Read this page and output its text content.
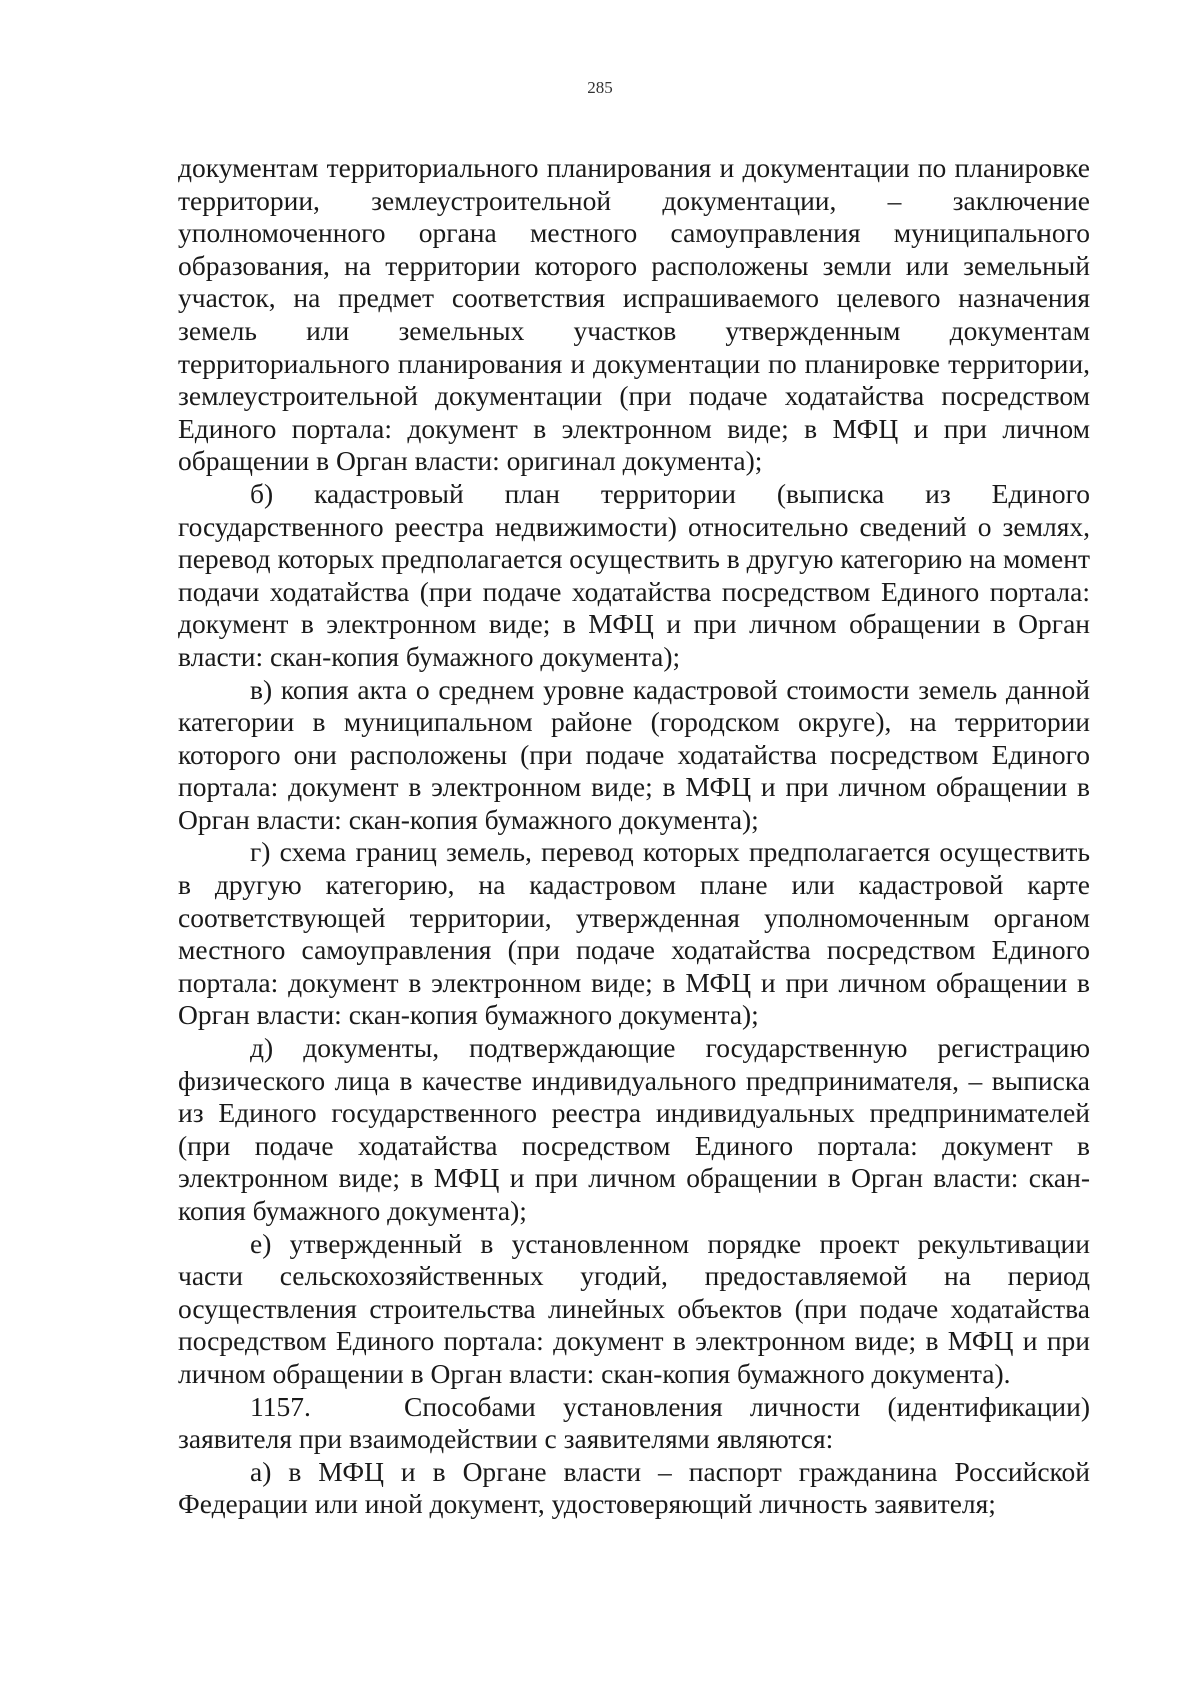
285

документам территориального планирования и документации по планировке территории, землеустроительной документации, – заключение уполномоченного органа местного самоуправления муниципального образования, на территории которого расположены земли или земельный участок, на предмет соответствия испрашиваемого целевого назначения земель или земельных участков утвержденным документам территориального планирования и документации по планировке территории, землеустроительной документации (при подаче ходатайства посредством Единого портала: документ в электронном виде; в МФЦ и при личном обращении в Орган власти: оригинал документа);

б) кадастровый план территории (выписка из Единого государственного реестра недвижимости) относительно сведений о землях, перевод которых предполагается осуществить в другую категорию на момент подачи ходатайства (при подаче ходатайства посредством Единого портала: документ в электронном виде; в МФЦ и при личном обращении в Орган власти: скан-копия бумажного документа);

в) копия акта о среднем уровне кадастровой стоимости земель данной категории в муниципальном районе (городском округе), на территории которого они расположены (при подаче ходатайства посредством Единого портала: документ в электронном виде; в МФЦ и при личном обращении в Орган власти: скан-копия бумажного документа);

г) схема границ земель, перевод которых предполагается осуществить в другую категорию, на кадастровом плане или кадастровой карте соответствующей территории, утвержденная уполномоченным органом местного самоуправления (при подаче ходатайства посредством Единого портала: документ в электронном виде; в МФЦ и при личном обращении в Орган власти: скан-копия бумажного документа);

д) документы, подтверждающие государственную регистрацию физического лица в качестве индивидуального предпринимателя, – выписка из Единого государственного реестра индивидуальных предпринимателей (при подаче ходатайства посредством Единого портала: документ в электронном виде; в МФЦ и при личном обращении в Орган власти: скан-копия бумажного документа);

е) утвержденный в установленном порядке проект рекультивации части сельскохозяйственных угодий, предоставляемой на период осуществления строительства линейных объектов (при подаче ходатайства посредством Единого портала: документ в электронном виде; в МФЦ и при личном обращении в Орган власти: скан-копия бумажного документа).

1157.	Способами установления личности (идентификации) заявителя при взаимодействии с заявителями являются:

а) в МФЦ и в Органе власти – паспорт гражданина Российской Федерации или иной документ, удостоверяющий личность заявителя;
